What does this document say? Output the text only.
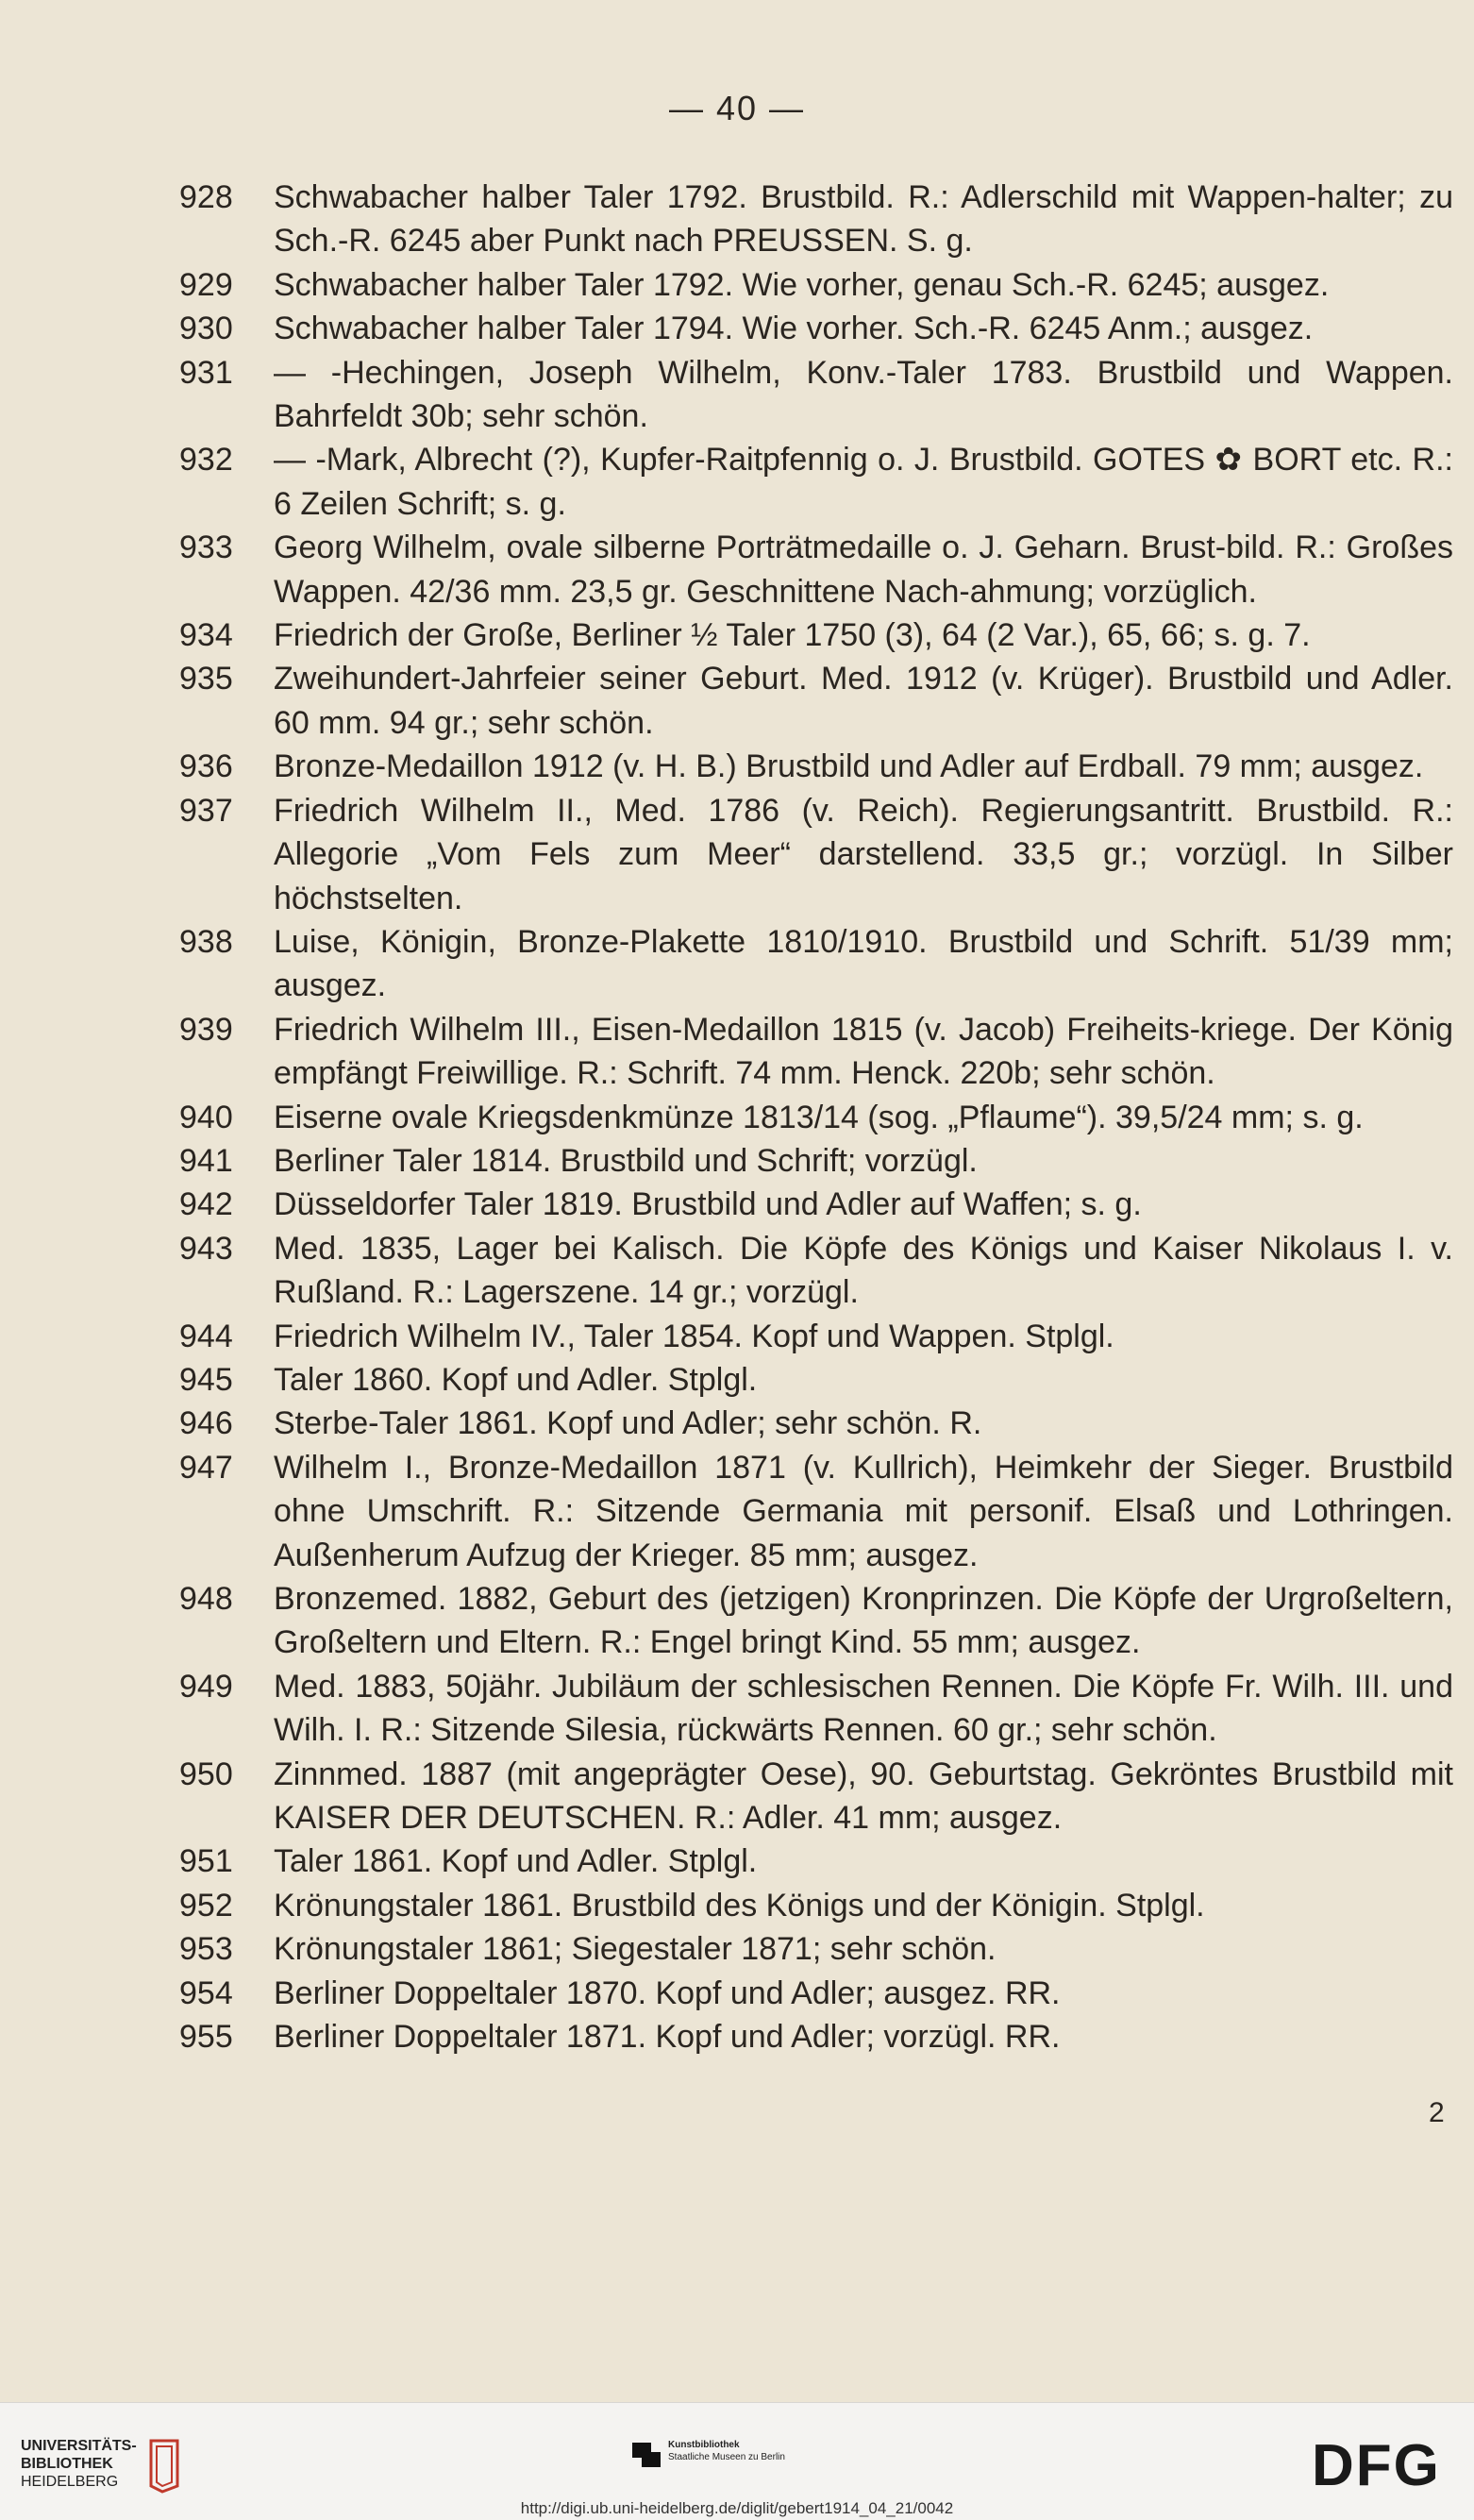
— 40 —
928 Schwabacher halber Taler 1792. Brustbild. R.: Adlerschild mit Wappen-halter; zu Sch.-R. 6245 aber Punkt nach PREUSSEN. S. g.
929 Schwabacher halber Taler 1792. Wie vorher, genau Sch.-R. 6245; ausgez.
930 Schwabacher halber Taler 1794. Wie vorher. Sch.-R. 6245 Anm.; ausgez.
931 — -Hechingen, Joseph Wilhelm, Konv.-Taler 1783. Brustbild und Wappen. Bahrfeldt 30b; sehr schön.
932 — -Mark, Albrecht (?), Kupfer-Raitpfennig o. J. Brustbild. GOTES ✿ BORT etc. R.: 6 Zeilen Schrift; s. g.
933 Georg Wilhelm, ovale silberne Porträtmedaille o. J. Geharn. Brust-bild. R.: Großes Wappen. 42/36 mm. 23,5 gr. Geschnittene Nach-ahmung; vorzüglich.
934 Friedrich der Große, Berliner ½ Taler 1750 (3), 64 (2 Var.), 65, 66; s. g. 7.
935 Zweihundert-Jahrfeier seiner Geburt. Med. 1912 (v. Krüger). Brustbild und Adler. 60 mm. 94 gr.; sehr schön.
936 Bronze-Medaillon 1912 (v. H. B.) Brustbild und Adler auf Erdball. 79 mm; ausgez.
937 Friedrich Wilhelm II., Med. 1786 (v. Reich). Regierungsantritt. Brustbild. R.: Allegorie „Vom Fels zum Meer“ darstellend. 33,5 gr.; vorzügl. In Silber höchstselten.
938 Luise, Königin, Bronze-Plakette 1810/1910. Brustbild und Schrift. 51/39 mm; ausgez.
939 Friedrich Wilhelm III., Eisen-Medaillon 1815 (v. Jacob) Freiheits-kriege. Der König empfängt Freiwillige. R.: Schrift. 74 mm. Henck. 220b; sehr schön.
940 Eiserne ovale Kriegsdenkmünze 1813/14 (sog. „Pflaume“). 39,5/24 mm; s. g.
941 Berliner Taler 1814. Brustbild und Schrift; vorzügl.
942 Düsseldorfer Taler 1819. Brustbild und Adler auf Waffen; s. g.
943 Med. 1835, Lager bei Kalisch. Die Köpfe des Königs und Kaiser Nikolaus I. v. Rußland. R.: Lagerszene. 14 gr.; vorzügl.
944 Friedrich Wilhelm IV., Taler 1854. Kopf und Wappen. Stplgl.
945 Taler 1860. Kopf und Adler. Stplgl.
946 Sterbe-Taler 1861. Kopf und Adler; sehr schön. R.
947 Wilhelm I., Bronze-Medaillon 1871 (v. Kullrich), Heimkehr der Sieger. Brustbild ohne Umschrift. R.: Sitzende Germania mit personif. Elsaß und Lothringen. Außenherum Aufzug der Krieger. 85 mm; ausgez.
948 Bronzemed. 1882, Geburt des (jetzigen) Kronprinzen. Die Köpfe der Urgroßeltern, Großeltern und Eltern. R.: Engel bringt Kind. 55 mm; ausgez.
949 Med. 1883, 50jähr. Jubiläum der schlesischen Rennen. Die Köpfe Fr. Wilh. III. und Wilh. I. R.: Sitzende Silesia, rückwärts Rennen. 60 gr.; sehr schön.
950 Zinnmed. 1887 (mit angeprägter Oese), 90. Geburtstag. Gekröntes Brustbild mit KAISER DER DEUTSCHEN. R.: Adler. 41 mm; ausgez.
951 Taler 1861. Kopf und Adler. Stplgl.
952 Krönungstaler 1861. Brustbild des Königs und der Königin. Stplgl.
953 Krönungstaler 1861; Siegestaler 1871; sehr schön.
954 Berliner Doppeltaler 1870. Kopf und Adler; ausgez. RR.
955 Berliner Doppeltaler 1871. Kopf und Adler; vorzügl. RR.
2
UNIVERSITÄTS-
BIBLIOTHEK
HEIDELBERG
Kunstbibliothek
Staatliche Museen zu Berlin	DFG
http://digi.ub.uni-heidelberg.de/diglit/gebert1914_04_21/0042
